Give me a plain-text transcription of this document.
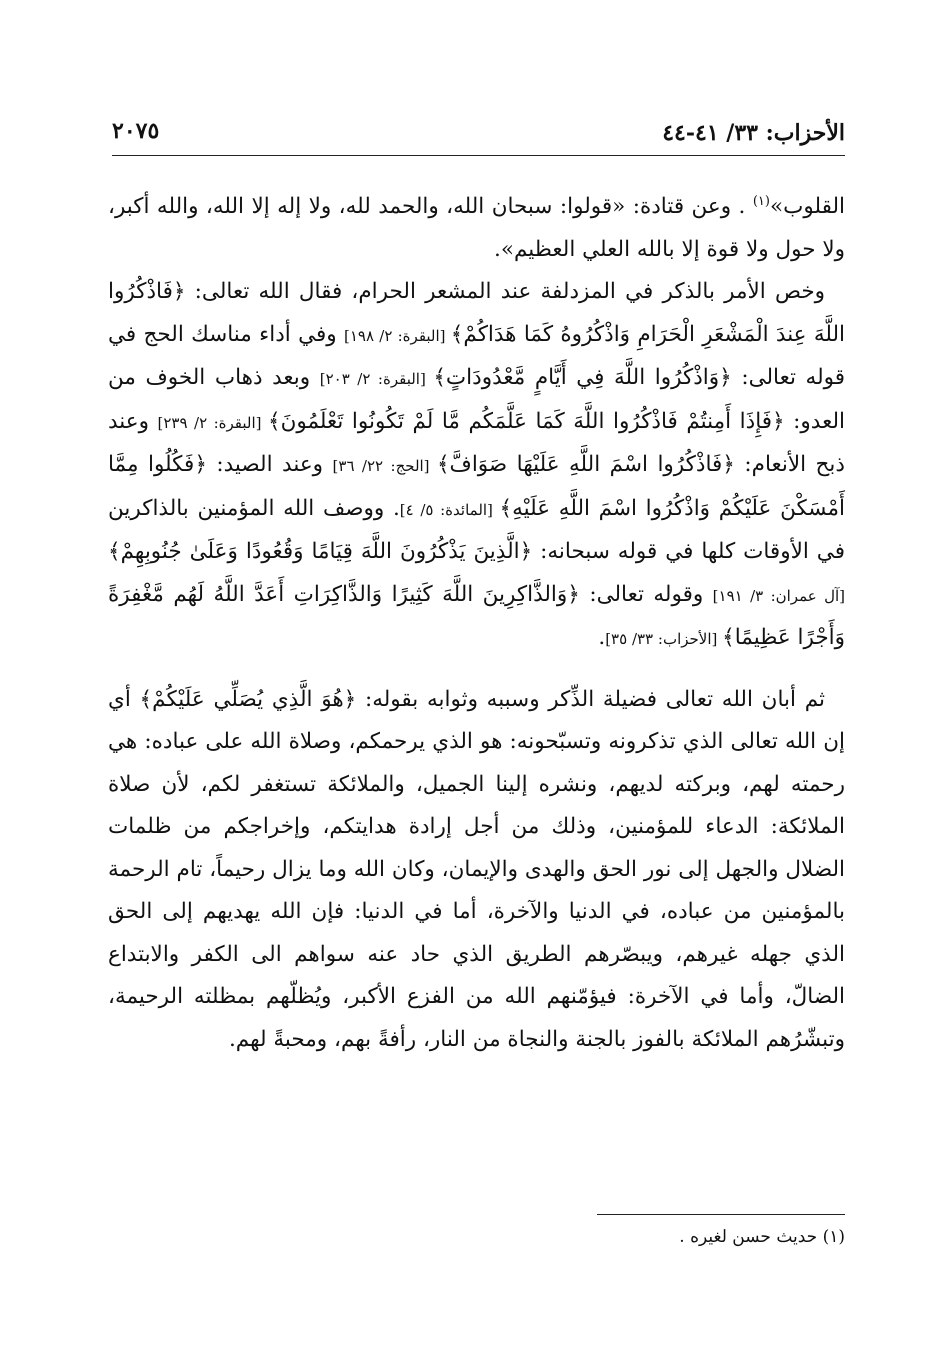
الأحزاب: ٣٣/ ٤١-٤٤
٢٠٧٥

القلوب»$^{(١)}$ . وعن قتادة: «قولوا: سبحان الله، والحمد لله، ولا إله إلا الله، والله أكبر، ولا حول ولا قوة إلا بالله العلي العظيم».

وخص الأمر بالذكر في المزدلفة عند المشعر الحرام، فقال الله تعالى: ﴿فَاذْكُرُوا اللَّهَ عِندَ الْمَشْعَرِ الْحَرَامِ وَاذْكُرُوهُ كَمَا هَدَاكُمْ﴾ [البقرة: ٢/ ١٩٨] وفي أداء مناسك الحج في قوله تعالى: ﴿وَاذْكُرُوا اللَّهَ فِي أَيَّامٍ مَّعْدُودَاتٍ﴾ [البقرة: ٢/ ٢٠٣] وبعد ذهاب الخوف من العدو: ﴿فَإِذَا أَمِنتُمْ فَاذْكُرُوا اللَّهَ كَمَا عَلَّمَكُم مَّا لَمْ تَكُونُوا تَعْلَمُونَ﴾ [البقرة: ٢/ ٢٣٩] وعند ذبح الأنعام: ﴿فَاذْكُرُوا اسْمَ اللَّهِ عَلَيْهَا صَوَافَّ﴾ [الحج: ٢٢/ ٣٦] وعند الصيد: ﴿فَكُلُوا مِمَّا أَمْسَكْنَ عَلَيْكُمْ وَاذْكُرُوا اسْمَ اللَّهِ عَلَيْهِ﴾ [المائدة: ٥/ ٤]. ووصف الله المؤمنين بالذاكرين في الأوقات كلها في قوله سبحانه: ﴿الَّذِينَ يَذْكُرُونَ اللَّهَ قِيَامًا وَقُعُودًا وَعَلَىٰ جُنُوبِهِمْ﴾ [آل عمران: ٣/ ١٩١] وقوله تعالى: ﴿وَالذَّاكِرِينَ اللَّهَ كَثِيرًا وَالذَّاكِرَاتِ أَعَدَّ اللَّهُ لَهُم مَّغْفِرَةً وَأَجْرًا عَظِيمًا﴾ [الأحزاب: ٣٣/ ٣٥].

ثم أبان الله تعالى فضيلة الذِّكر وسببه وثوابه بقوله: ﴿هُوَ الَّذِي يُصَلِّي عَلَيْكُمْ﴾ أي إن الله تعالى الذي تذكرونه وتسبّحونه: هو الذي يرحمكم، وصلاة الله على عباده: هي رحمته لهم، وبركته لديهم، ونشره إلينا الجميل، والملائكة تستغفر لكم، لأن صلاة الملائكة: الدعاء للمؤمنين، وذلك من أجل إرادة هدايتكم، وإخراجكم من ظلمات الضلال والجهل إلى نور الحق والهدى والإيمان، وكان الله وما يزال رحيماً، تام الرحمة بالمؤمنين من عباده، في الدنيا والآخرة، أما في الدنيا: فإن الله يهديهم إلى الحق الذي جهله غيرهم، ويبصّرهم الطريق الذي حاد عنه سواهم الى الكفر والابتداع الضالّ، وأما في الآخرة: فيؤمّنهم الله من الفزع الأكبر، ويُظلّهم بمظلته الرحيمة، وتبشّرُهم الملائكة بالفوز بالجنة والنجاة من النار، رأفةً بهم، ومحبةً لهم.

(١) حديث حسن لغيره .
